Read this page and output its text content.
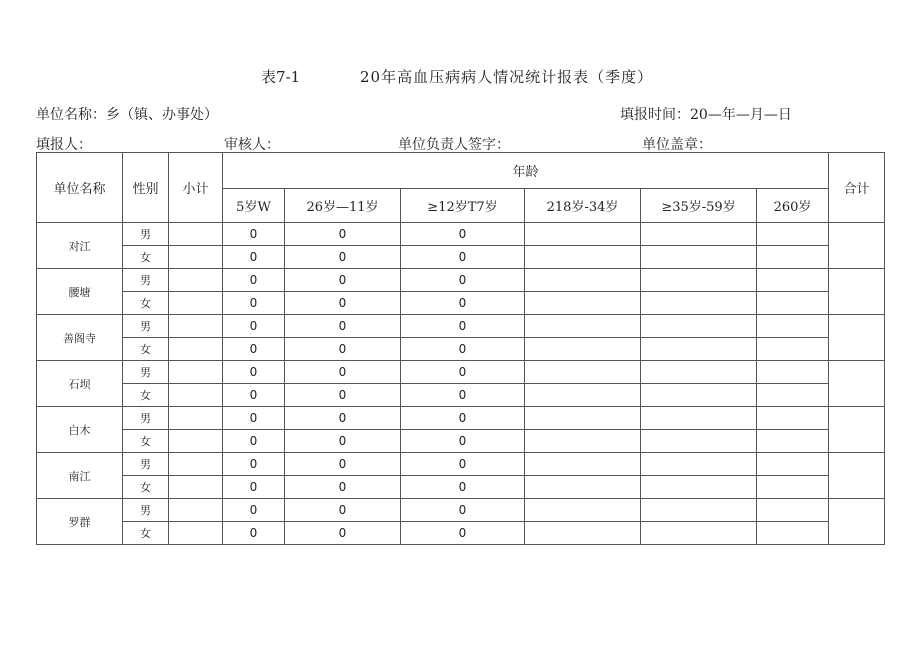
表7-1	20年高血压病病人情况统计报表（季度）
单位名称：乡（镇、办事处）	填报时间：20—年—月—日
填报人：	审核人：	单位负责人签字：	单位盖章：
单位名称	性别	小计	年龄						合计
			5岁W	26岁—11岁	≥12岁T7岁	218岁-34岁	≥35岁-59岁	260岁	
对江	男		0	0	0				
	女		0	0	0				
腰塘	男		0	0	0				
	女		0	0	0				
善阁寺	男		0	0	0				
	女		0	0	0				
石坝	男		0	0	0				
	女		0	0	0				
白木	男		0	0	0				
	女		0	0	0				
南江	男		0	0	0				
	女		0	0	0				
罗群	男		0	0	0				
	女		0	0	0				
